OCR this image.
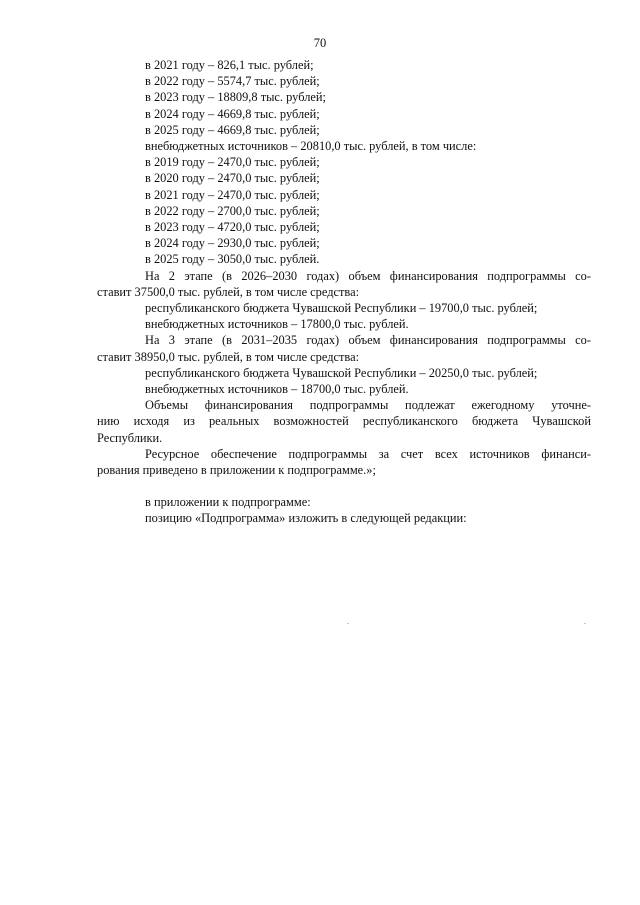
70
в 2021 году – 826,1 тыс. рублей;
в 2022 году – 5574,7 тыс. рублей;
в 2023 году – 18809,8 тыс. рублей;
в 2024 году – 4669,8 тыс. рублей;
в 2025 году – 4669,8 тыс. рублей;
внебюджетных источников – 20810,0 тыс. рублей, в том числе:
в 2019 году – 2470,0 тыс. рублей;
в 2020 году – 2470,0 тыс. рублей;
в 2021 году – 2470,0 тыс. рублей;
в 2022 году – 2700,0 тыс. рублей;
в 2023 году – 4720,0 тыс. рублей;
в 2024 году – 2930,0 тыс. рублей;
в 2025 году – 3050,0 тыс. рублей.
На 2 этапе (в 2026–2030 годах) объем финансирования подпрограммы со-
ставит 37500,0 тыс. рублей, в том числе средства:
республиканского бюджета Чувашской Республики – 19700,0 тыс. рублей;
внебюджетных источников – 17800,0 тыс. рублей.
На 3 этапе (в 2031–2035 годах) объем финансирования подпрограммы со-
ставит 38950,0 тыс. рублей, в том числе средства:
республиканского бюджета Чувашской Республики – 20250,0 тыс. рублей;
внебюджетных источников – 18700,0 тыс. рублей.
Объемы финансирования подпрограммы подлежат ежегодному уточне-
нию исходя из реальных возможностей республиканского бюджета Чувашской
Республики.
Ресурсное обеспечение подпрограммы за счет всех источников финанси-
рования приведено в приложении к подпрограмме.»;
в приложении к подпрограмме:
позицию «Подпрограмма» изложить в следующей редакции:
